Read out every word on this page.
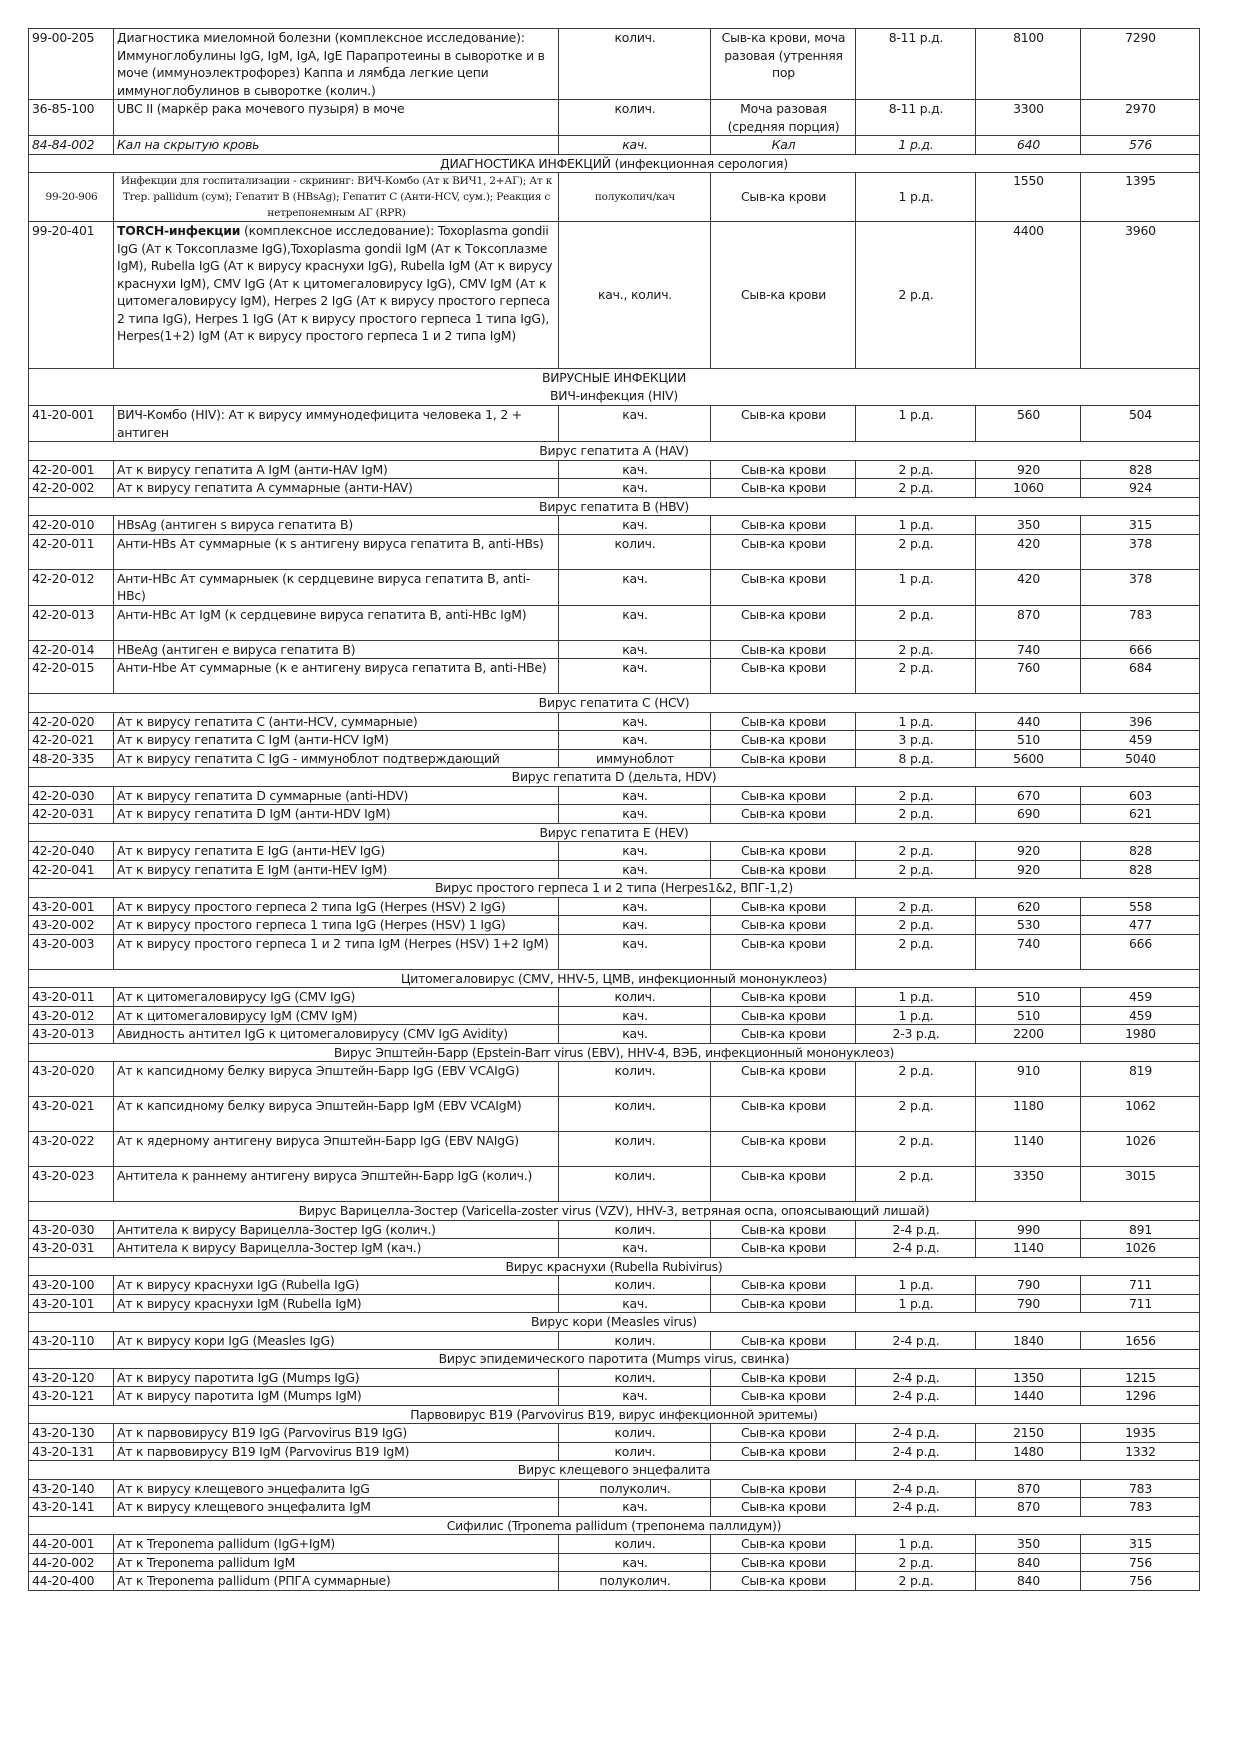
99-00-205	Диагностика миеломной болезни (комплексное исследование): Иммуноглобулины IgG, IgM, IgA, IgE Парапротеины в сыворотке и в моче (иммуноэлектрофорез) Каппа и лямбда легкие цепи иммуноглобулинов в сыворотке (колич.)	колич.	Сыв-ка крови, моча разовая (утренняя пор	8-11 р.д.	8100	7290
36-85-100	UBC II (маркёр рака мочевого пузыря) в моче	колич.	Моча разовая (средняя порция)	8-11 р.д.	3300	2970
84-84-002	Кал на скрытую кровь	кач.	Кал	1 р.д.	640	576

ДИАГНОСТИКА ИНФЕКЦИЙ (инфекционная серология)						

99-20-906	Инфекции для госпитализации - скрининг: ВИЧ-Комбо (Ат к ВИЧ1, 2+АГ); Ат к Trep. pallidum (сум); Гепатит В (HBsAg); Гепатит С (Анти-HCV, сум.); Реакция с нетрепонемным АГ (RPR)	полуколич/кач	Сыв-ка крови	1 р.д.	1550	1395
99-20-401	TORCH-инфекции (комплексное исследование): Toxoplasma gondii IgG (Ат к Токсоплазме IgG),Toxoplasma gondii IgM (Ат к Токсоплазме IgM), Rubella IgG (Ат к вирусу краснухи IgG), Rubella IgM (Ат к вирусу краснухи IgM), CMV IgG (Ат к цитомегаловирусу IgG), CMV IgM (Ат к цитомегаловирусу IgM), Herpes 2 IgG (Ат к вирусу простого герпеса 2 типа IgG), Herpes 1 IgG (Ат к вирусу простого герпеса 1 типа IgG), Herpes(1+2) IgM (Ат к вирусу простого герпеса 1 и 2 типа IgM)	кач., колич.	Сыв-ка крови	2 р.д.	4400	3960

ВИРУСНЫЕ ИНФЕКЦИИ
ВИЧ-инфекция (HIV)						

41-20-001	ВИЧ-Комбо (HIV): Ат к вирусу иммунодефицита человека 1, 2 + антиген	кач.	Сыв-ка крови	1 р.д.	560	504

Вирус гепатита А (HAV)						

42-20-001	Ат к вирусу гепатита А IgM (анти-HAV IgM)	кач.	Сыв-ка крови	2 р.д.	920	828
42-20-002	Ат к вирусу гепатита А суммарные (анти-HAV)	кач.	Сыв-ка крови	2 р.д.	1060	924

Вирус гепатита В (HBV)						

42-20-010	HBsAg (антиген s вируса гепатита В)	кач.	Сыв-ка крови	1 р.д.	350	315
42-20-011	Анти-HBs Ат суммарные (к s антигену вируса гепатита В, anti-HBs)	колич.	Сыв-ка крови	2 р.д.	420	378
42-20-012	Анти-HBc Ат суммарныек (к сердцевине вируса гепатита В, anti-HBc)	кач.	Сыв-ка крови	1 р.д.	420	378
42-20-013	Анти-HBc Ат IgM (к сердцевине вируса гепатита В, anti-HBc IgM)	кач.	Сыв-ка крови	2 р.д.	870	783
42-20-014	HBeAg (антиген е вируса гепатита В)	кач.	Сыв-ка крови	2 р.д.	740	666
42-20-015	Анти-Hbe Ат суммарные (к е антигену вируса гепатита В, anti-HBe)	кач.	Сыв-ка крови	2 р.д.	760	684

Вирус гепатита С (HCV)						

42-20-020	Ат к вирусу гепатита С (анти-HCV, суммарные)	кач.	Сыв-ка крови	1 р.д.	440	396
42-20-021	Ат к вирусу гепатита С IgM (анти-HCV IgM)	кач.	Сыв-ка крови	3 р.д.	510	459
48-20-335	Ат к вирусу гепатита С IgG - иммуноблот подтверждающий	иммуноблот	Сыв-ка крови	8 р.д.	5600	5040

Вирус гепатита D (дельта, HDV)						

42-20-030	Ат к вирусу гепатита D суммарные (anti-HDV)	кач.	Сыв-ка крови	2 р.д.	670	603
42-20-031	Ат к вирусу гепатита D IgM (анти-HDV IgM)	кач.	Сыв-ка крови	2 р.д.	690	621

Вирус гепатита Е (HEV)						

42-20-040	Ат к вирусу гепатита Е IgG (анти-HEV IgG)	кач.	Сыв-ка крови	2 р.д.	920	828
42-20-041	Ат к вирусу гепатита Е IgM (анти-HEV IgM)	кач.	Сыв-ка крови	2 р.д.	920	828

Вирус простого герпеса 1 и 2 типа (Herpes1&2, ВПГ-1,2)						

43-20-001	Ат к вирусу простого герпеса 2 типа IgG (Herpes (HSV) 2 IgG)	кач.	Сыв-ка крови	2 р.д.	620	558
43-20-002	Ат к вирусу простого герпеса 1 типа IgG (Herpes (HSV) 1 IgG)	кач.	Сыв-ка крови	2 р.д.	530	477
43-20-003	Ат к вирусу простого герпеса 1 и 2 типа IgM (Herpes (HSV) 1+2 IgM)	кач.	Сыв-ка крови	2 р.д.	740	666

Цитомегаловирус (CMV, HHV-5, ЦМВ, инфекционный мононуклеоз)						

43-20-011	Ат к цитомегаловирусу IgG (CMV IgG)	колич.	Сыв-ка крови	1 р.д.	510	459
43-20-012	Ат к цитомегаловирусу IgM (CMV IgM)	кач.	Сыв-ка крови	1 р.д.	510	459
43-20-013	Авидность антител IgG к цитомегаловирусу (CMV IgG Avidity)	кач.	Сыв-ка крови	2-3 р.д.	2200	1980

Вирус Эпштейн-Барр (Epstein-Barr virus (EBV), HHV-4, ВЭБ, инфекционный мононуклеоз)						

43-20-020	Ат к капсидному белку вируса Эпштейн-Барр IgG (EBV VCAIgG)	колич.	Сыв-ка крови	2 р.д.	910	819
43-20-021	Ат к капсидному белку вируса Эпштейн-Барр IgM (EBV VCAIgM)	колич.	Сыв-ка крови	2 р.д.	1180	1062
43-20-022	Ат к ядерному антигену вируса Эпштейн-Барр IgG (EBV NAIgG)	колич.	Сыв-ка крови	2 р.д.	1140	1026
43-20-023	Антитела к раннему антигену вируса Эпштейн-Барр IgG (колич.)	колич.	Сыв-ка крови	2 р.д.	3350	3015

Вирус Варицелла-Зостер (Varicella-zoster virus (VZV), HHV-3, ветряная оспа, опоясывающий лишай)						

43-20-030	Антитела к вирусу Варицелла-Зостер IgG (колич.)	колич.	Сыв-ка крови	2-4 р.д.	990	891
43-20-031	Антитела к вирусу Варицелла-Зостер IgM (кач.)	кач.	Сыв-ка крови	2-4 р.д.	1140	1026

Вирус краснухи (Rubella Rubivirus)						

43-20-100	Ат к вирусу краснухи IgG (Rubella IgG)	колич.	Сыв-ка крови	1 р.д.	790	711
43-20-101	Ат к вирусу краснухи IgM (Rubella IgM)	кач.	Сыв-ка крови	1 р.д.	790	711

Вирус кори (Measles virus)						

43-20-110	Ат к вирусу кори IgG (Measles IgG)	колич.	Сыв-ка крови	2-4 р.д.	1840	1656

Вирус эпидемического паротита (Mumps virus, свинка)						

43-20-120	Ат к вирусу паротита IgG (Mumps IgG)	колич.	Сыв-ка крови	2-4 р.д.	1350	1215
43-20-121	Ат к вирусу паротита IgM (Mumps IgM)	кач.	Сыв-ка крови	2-4 р.д.	1440	1296

Парвовирус В19 (Parvovirus B19, вирус инфекционной эритемы)						

43-20-130	Ат к парвовирусу В19 IgG (Parvovirus B19 IgG)	колич.	Сыв-ка крови	2-4 р.д.	2150	1935
43-20-131	Ат к парвовирусу В19 IgM (Parvovirus B19 IgM)	колич.	Сыв-ка крови	2-4 р.д.	1480	1332

Вирус клещевого энцефалита						

43-20-140	Ат к вирусу клещевого энцефалита IgG	полуколич.	Сыв-ка крови	2-4 р.д.	870	783
43-20-141	Ат к вирусу клещевого энцефалита IgM	кач.	Сыв-ка крови	2-4 р.д.	870	783

Сифилис (Trponema pallidum (трепонема паллидум))						

44-20-001	Ат к Treponema pallidum (IgG+IgM)	колич.	Сыв-ка крови	1 р.д.	350	315
44-20-002	Ат к Treponema pallidum IgM	кач.	Сыв-ка крови	2 р.д.	840	756
44-20-400	Ат к Treponema pallidum (РПГА суммарные)	полуколич.	Сыв-ка крови	2 р.д.	840	756
